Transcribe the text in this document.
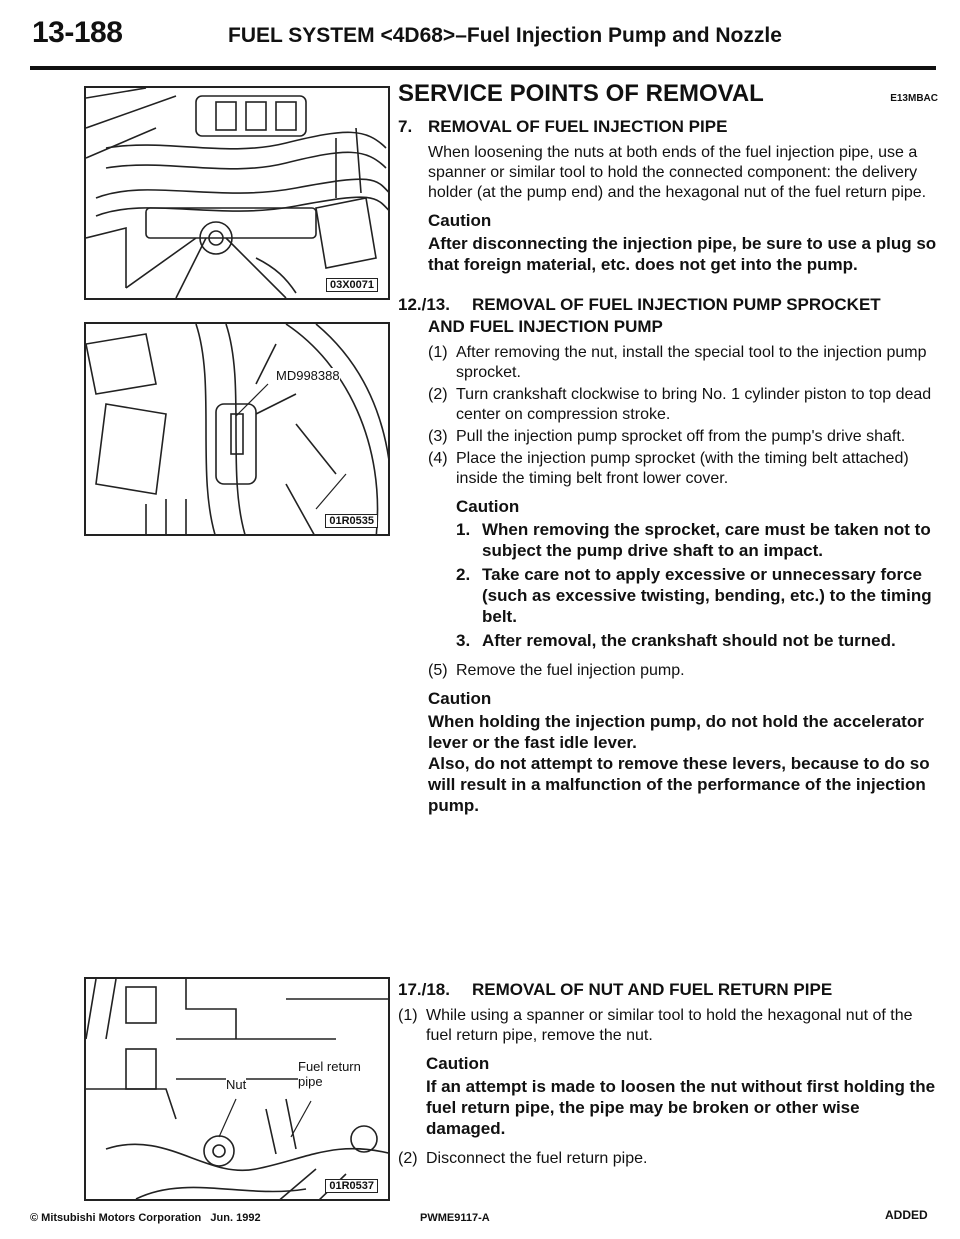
13-188	FUEL SYSTEM <4D68>–Fuel Injection Pump and Nozzle
03X0071
MD998388
01R0535
Nut
Fuel return
pipe
01R0537
SERVICE POINTS OF REMOVAL	E13MBAC
7. REMOVAL OF FUEL INJECTION PIPE

When loosening the nuts at both ends of the fuel injection pipe, use a spanner or similar tool to hold the connected component: the delivery holder (at the pump end) and the hexagonal nut of the fuel return pipe.

Caution
After disconnecting the injection pipe, be sure to use a plug so that foreign material, etc. does not get into the pump.
12./13.	REMOVAL OF FUEL INJECTION PUMP SPROCKET
AND FUEL INJECTION PUMP
(1) After removing the nut, install the special tool to the injection pump sprocket.
(2) Turn crankshaft clockwise to bring No. 1 cylinder piston to top dead center on compression stroke.
(3) Pull the injection pump sprocket off from the pump's drive shaft.
(4) Place the injection pump sprocket (with the timing belt attached) inside the timing belt front lower cover.
Caution
1. When removing the sprocket, care must be taken not to subject the pump drive shaft to an impact.
2. Take care not to apply excessive or unnecessary force (such as excessive twisting, bending, etc.) to the timing belt.
3. After removal, the crankshaft should not be turned.
(5) Remove the fuel injection pump.
Caution
When holding the injection pump, do not hold the accelerator lever or the fast idle lever.
Also, do not attempt to remove these levers, because to do so will result in a malfunction of the performance of the injection pump.
17./18.	REMOVAL OF NUT AND FUEL RETURN PIPE
(1) While using a spanner or similar tool to hold the hexagonal nut of the fuel return pipe, remove the nut.
Caution
If an attempt is made to loosen the nut without first holding the fuel return pipe, the pipe may be broken or other wise damaged.
(2) Disconnect the fuel return pipe.
© Mitsubishi Motors Corporation   Jun. 1992	PWME9117-A	ADDED
